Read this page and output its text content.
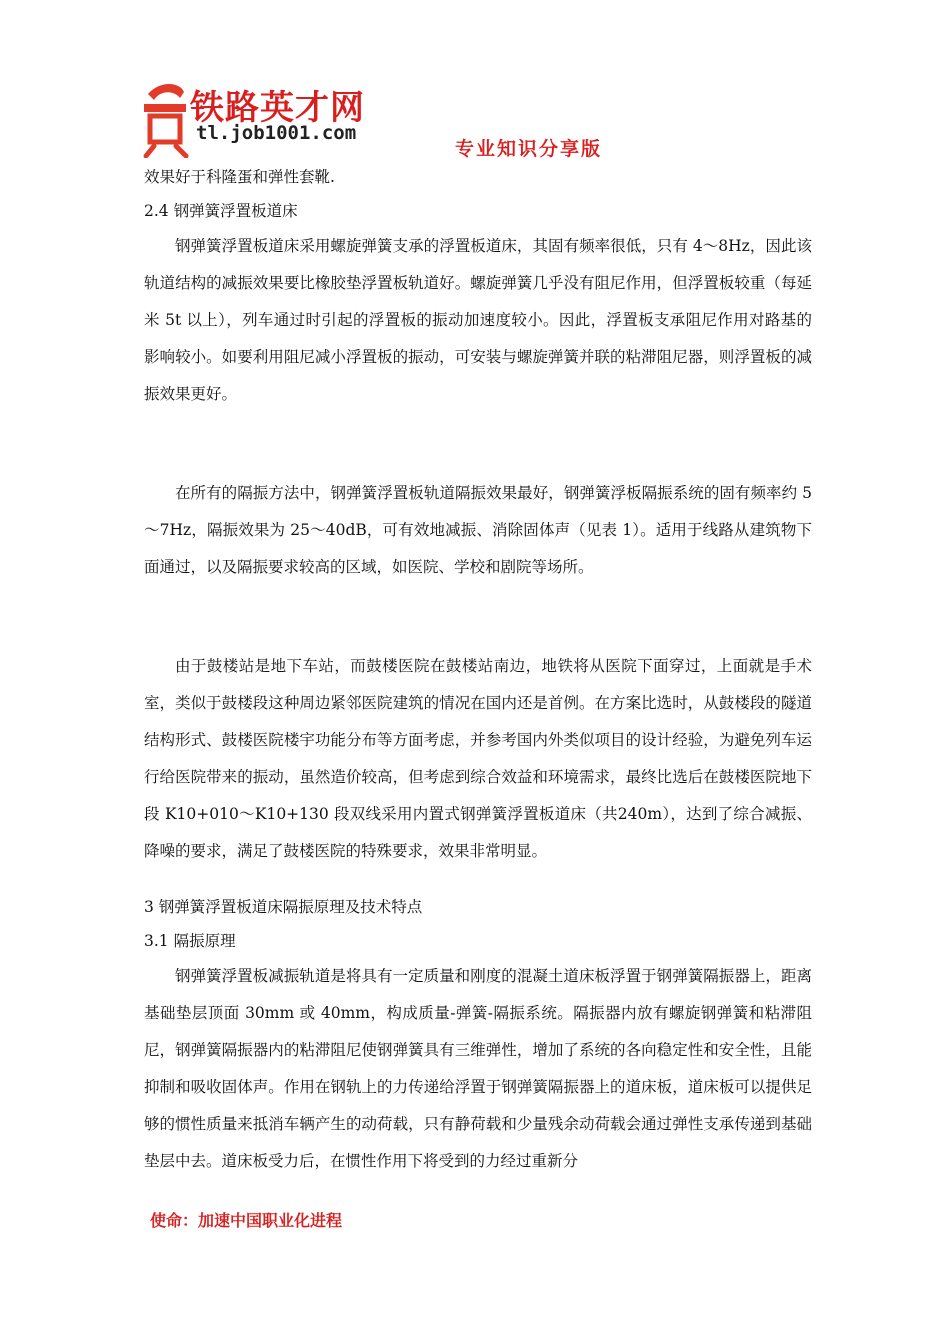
铁路英才网
tl.job1001.com
专业知识分享版

效果好于科隆蛋和弹性套靴.

2.4 钢弹簧浮置板道床

钢弹簧浮置板道床采用螺旋弹簧支承的浮置板道床，其固有频率很低，只有 4～8Hz，因此该轨道结构的减振效果要比橡胶垫浮置板轨道好。螺旋弹簧几乎没有阻尼作用，但浮置板较重（每延米 5t 以上），列车通过时引起的浮置板的振动加速度较小。因此，浮置板支承阻尼作用对路基的影响较小。如要利用阻尼减小浮置板的振动，可安装与螺旋弹簧并联的粘滞阻尼器，则浮置板的减振效果更好。

在所有的隔振方法中，钢弹簧浮置板轨道隔振效果最好，钢弹簧浮板隔振系统的固有频率约 5～7Hz，隔振效果为 25～40dB，可有效地减振、消除固体声（见表 1）。适用于线路从建筑物下面通过，以及隔振要求较高的区域，如医院、学校和剧院等场所。

由于鼓楼站是地下车站，而鼓楼医院在鼓楼站南边，地铁将从医院下面穿过，上面就是手术室，类似于鼓楼段这种周边紧邻医院建筑的情况在国内还是首例。在方案比选时，从鼓楼段的隧道结构形式、鼓楼医院楼宇功能分布等方面考虑，并参考国内外类似项目的设计经验，为避免列车运行给医院带来的振动，虽然造价较高，但考虑到综合效益和环境需求，最终比选后在鼓楼医院地下段 K10+010～K10+130 段双线采用内置式钢弹簧浮置板道床（共240m），达到了综合减振、降噪的要求，满足了鼓楼医院的特殊要求，效果非常明显。

3 钢弹簧浮置板道床隔振原理及技术特点

3.1 隔振原理

钢弹簧浮置板减振轨道是将具有一定质量和刚度的混凝土道床板浮置于钢弹簧隔振器上，距离基础垫层顶面 30mm 或 40mm，构成质量-弹簧-隔振系统。隔振器内放有螺旋钢弹簧和粘滞阻尼，钢弹簧隔振器内的粘滞阻尼使钢弹簧具有三维弹性，增加了系统的各向稳定性和安全性，且能抑制和吸收固体声。作用在钢轨上的力传递给浮置于钢弹簧隔振器上的道床板，道床板可以提供足够的惯性质量来抵消车辆产生的动荷载，只有静荷载和少量残余动荷载会通过弹性支承传递到基础垫层中去。道床板受力后，在惯性作用下将受到的力经过重新分

使命：加速中国职业化进程
